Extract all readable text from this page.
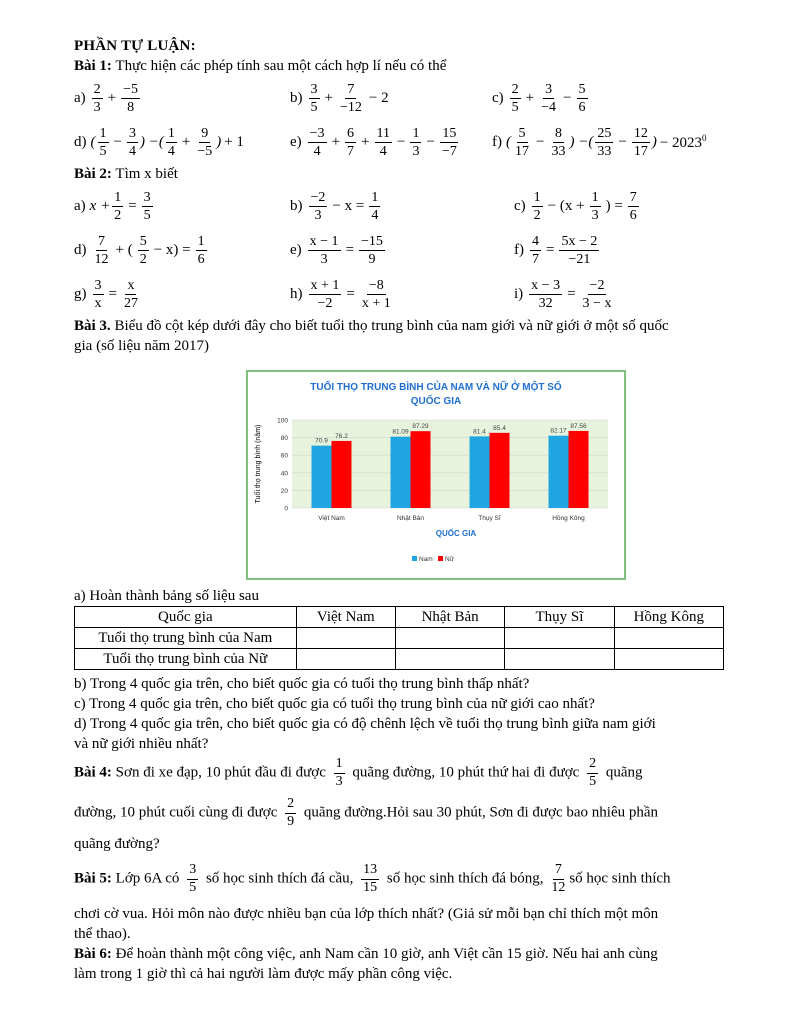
PHẦN TỰ LUẬN:
Bài 1: Thực hiện các phép tính sau một cách hợp lí nếu có thể
$a) \frac{2}{3} + \frac{-5}{8}$	$b) \frac{3}{5} + \frac{7}{-12} - 2$	$c) \frac{2}{5} + \frac{3}{-4} - \frac{5}{6}$
d) ( $\frac{1}{5} - \frac{3}{4}$ ) −( $\frac{1}{4} + \frac{9}{-5}$ ) + 1	$e) \frac{-3}{4} + \frac{6}{7} + \frac{11}{4} - \frac{1}{3} - \frac{15}{-7} f$) ( $\frac{5}{17} - \frac{8}{33}$ ) −( $\frac{25}{33} - \frac{12}{17}$ ) − $2023^0$
Bài 2: Tìm x biết
a) $x + \frac{1}{2} = \frac{3}{5}$	$b) \frac{-2}{3} - x = \frac{1}{4}$	$c) \frac{1}{2} - (x + \frac{1}{3}$ ) = $\frac{7}{6}$
$d) \frac{7}{12}$ + ( $\frac{5}{2} - x) = \frac{1}{6}$	$e) \frac{x - 1}{3} = \frac{-15}{9}$	$f) \frac{4}{7} = \frac{5x - 2}{-21}$
$g) \frac{3}{x} = \frac{x}{27}$	$h) \frac{x + 1}{-2} = \frac{-8}{x + 1}$	$i) \frac{x - 3}{32} = \frac{-2}{3 - x}$
Bài 3. Biểu đồ cột kép dưới đây cho biết tuổi thọ trung bình của nam giới và nữ giới ở một số quốc
gia (số liệu năm 2017)
TUỔI THỌ TRUNG BÌNH CỦA NAM VÀ NỮ Ở MỘT SỐ
QUỐC GIA
0
20
40
60
80
100
70.9
76.2
Việt Nam
81.09
87.29
Nhật Bản
81.4
85.4
Thụy Sĩ
82.17
87.56
Hồng Kông
Tuổi thọ trung bình (năm)
QUỐC GIA
Nam Nữ
a) Hoàn thành bảng số liệu sau
Quốc gia	Việt Nam	Nhật Bản	Thụy Sĩ	Hồng Kông
Tuổi thọ trung bình của Nam				
Tuổi thọ trung bình của Nữ				
b) Trong 4 quốc gia trên, cho biết quốc gia có tuổi thọ trung bình thấp nhất?
c) Trong 4 quốc gia trên, cho biết quốc gia có tuổi thọ trung bình của nữ giới cao nhất?
d) Trong 4 quốc gia trên, cho biết quốc gia có độ chênh lệch về tuổi thọ trung bình giữa nam giới
và nữ giới nhiều nhất?
Bài 4: Sơn đi xe đạp, 10 phút đầu đi được $\frac{1}{3}$ quãng đường, 10 phút thứ hai đi được $\frac{2}{5}$ quãng
đường, 10 phút cuối cùng đi được $\frac{2}{9}$ quãng đường.Hỏi sau 30 phút, Sơn đi được bao nhiêu phần
quãng đường?
Bài 5: Lớp 6A có $\frac{3}{5}$ số học sinh thích đá cầu, $\frac{13}{15}$ số học sinh thích đá bóng, $\frac{7}{12}$ số học sinh thích
chơi cờ vua. Hỏi môn nào được nhiều bạn của lớp thích nhất? (Giả sử mỗi bạn chỉ thích một môn
thể thao).
Bài 6: Để hoàn thành một công việc, anh Nam cần 10 giờ, anh Việt cần 15 giờ. Nếu hai anh cùng
làm trong 1 giờ thì cả hai người làm được mấy phần công việc.
